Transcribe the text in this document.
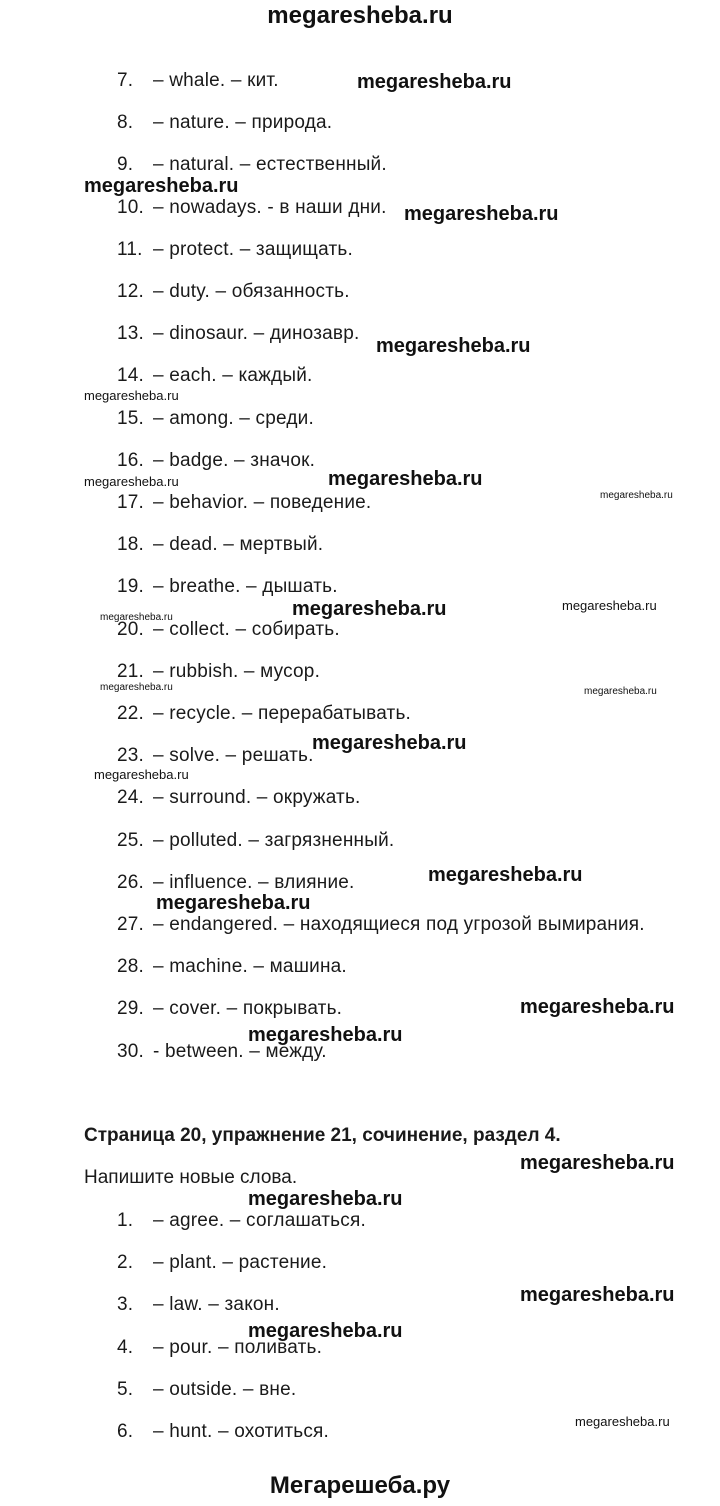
megaresheba.ru
7. – whale. – кит.
8. – nature. – природа.
9. – natural. – естественный.
10. – nowadays. - в наши дни.
11. – protect. – защищать.
12. – duty. – обязанность.
13. – dinosaur. – динозавр.
14. – each. – каждый.
15. – among. – среди.
16. – badge. – значок.
17. – behavior. – поведение.
18. – dead. – мертвый.
19. – breathe. – дышать.
20. – collect. – собирать.
21. – rubbish. – мусор.
22. – recycle. – перерабатывать.
23. – solve. – решать.
24. – surround. – окружать.
25. – polluted. – загрязненный.
26. – influence. – влияние.
27. – endangered. – находящиеся под угрозой вымирания.
28. – machine. – машина.
29. – cover. – покрывать.
30. - between. – между.
Страница 20, упражнение 21, сочинение, раздел 4.
Напишите новые слова.
1. – agree. – соглашаться.
2. – plant. – растение.
3. – law. – закон.
4. – pour. – поливать.
5. – outside. – вне.
6. – hunt. – охотиться.
megaresheba.ru
megaresheba.ru
megaresheba.ru
megaresheba.ru
megaresheba.ru
megaresheba.ru
megaresheba.ru
megaresheba.ru
megaresheba.ru	megaresheba.ru
megaresheba.ru
megaresheba.ru	megaresheba.ru
megaresheba.ru
megaresheba.ru
megaresheba.ru
megaresheba.ru
megaresheba.ru
megaresheba.ru
megaresheba.ru
megaresheba.ru
megaresheba.ru
megaresheba.ru
megaresheba.ru
Мегарешеба.ру
